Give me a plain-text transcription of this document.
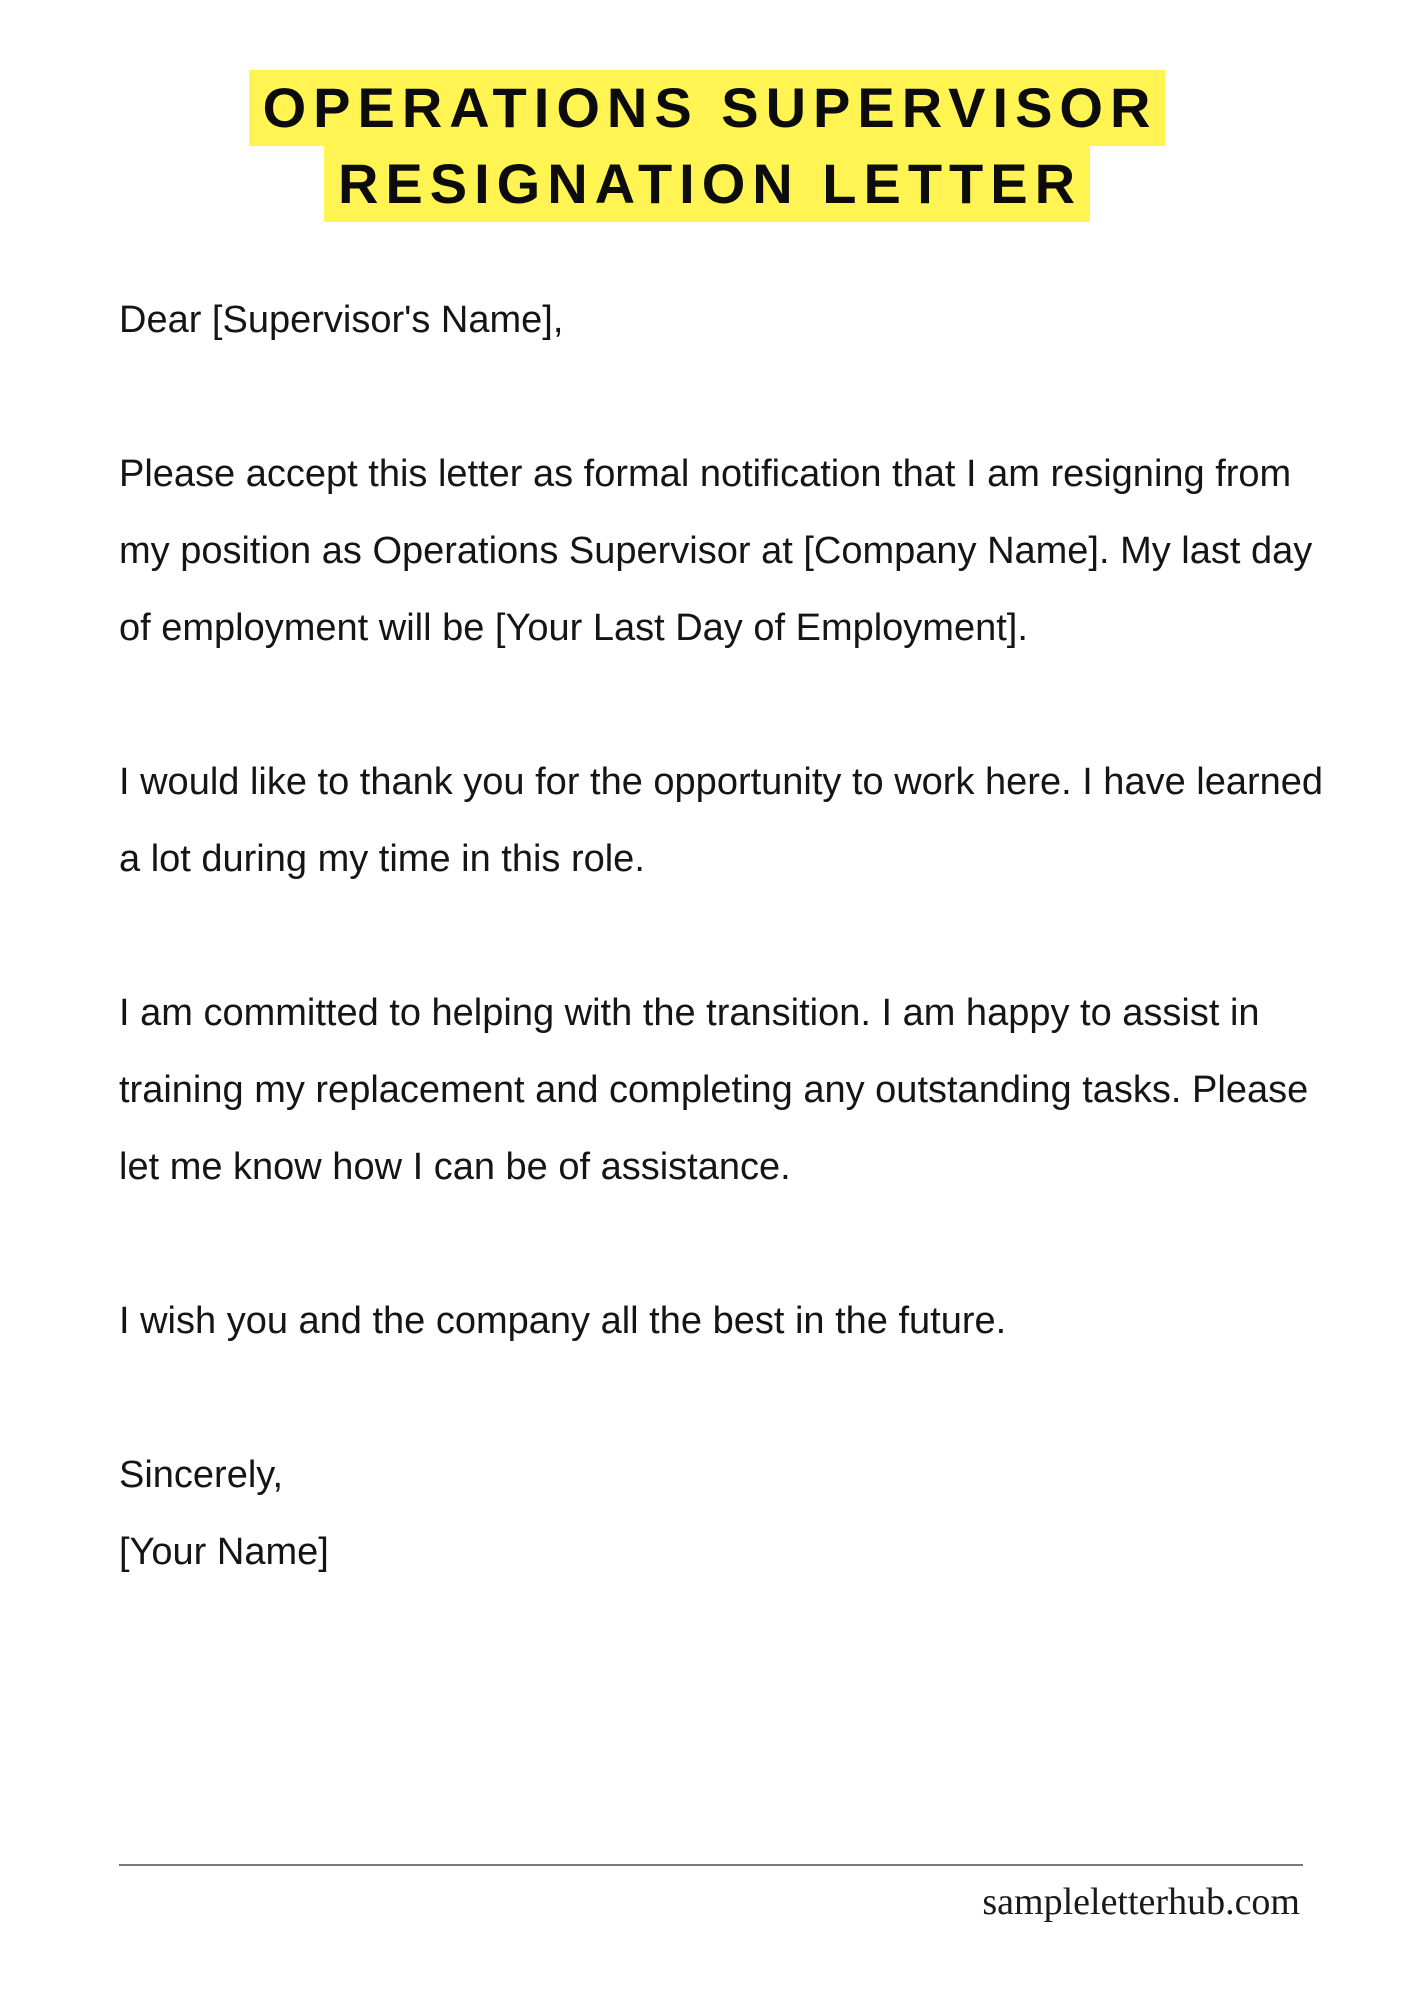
OPERATIONS SUPERVISOR
RESIGNATION LETTER

Dear [Supervisor's Name],

Please accept this letter as formal notification that I am resigning from my position as Operations Supervisor at [Company Name]. My last day of employment will be [Your Last Day of Employment].

I would like to thank you for the opportunity to work here. I have learned a lot during my time in this role.

I am committed to helping with the transition. I am happy to assist in training my replacement and completing any outstanding tasks. Please let me know how I can be of assistance.

I wish you and the company all the best in the future.

Sincerely,

[Your Name]

sampleletterhub.com
